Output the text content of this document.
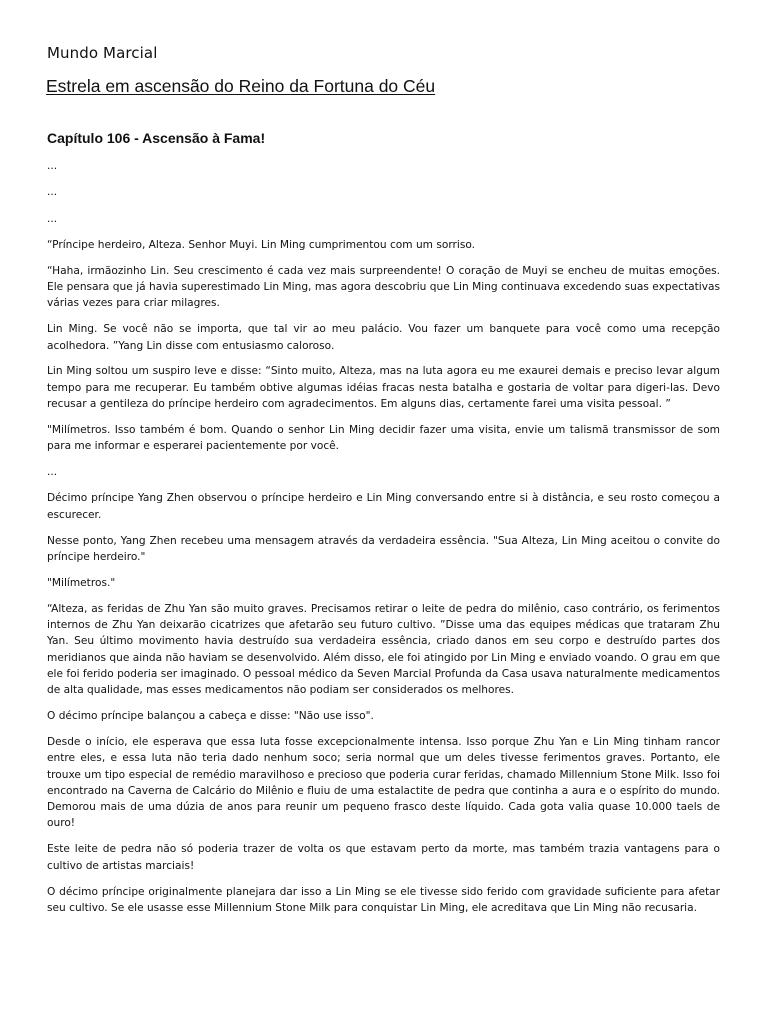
Mundo Marcial
Estrela em ascensão do Reino da Fortuna do Céu
Capítulo 106 - Ascensão à Fama!

...

...

...

“Príncipe herdeiro, Alteza. Senhor Muyi. Lin Ming cumprimentou com um sorriso.

“Haha, irmãozinho Lin. Seu crescimento é cada vez mais surpreendente! O coração de Muyi se encheu de muitas emoções. Ele pensara que já havia superestimado Lin Ming, mas agora descobriu que Lin Ming continuava excedendo suas expectativas várias vezes para criar milagres.

Lin Ming. Se você não se importa, que tal vir ao meu palácio. Vou fazer um banquete para você como uma recepção acolhedora. ”Yang Lin disse com entusiasmo caloroso.

Lin Ming soltou um suspiro leve e disse: “Sinto muito, Alteza, mas na luta agora eu me exaurei demais e preciso levar algum tempo para me recuperar. Eu também obtive algumas idéias fracas nesta batalha e gostaria de voltar para digeri-las. Devo recusar a gentileza do príncipe herdeiro com agradecimentos. Em alguns dias, certamente farei uma visita pessoal. ”

"Milímetros. Isso também é bom. Quando o senhor Lin Ming decidir fazer uma visita, envie um talismã transmissor de som para me informar e esperarei pacientemente por você.

...

Décimo príncipe Yang Zhen observou o príncipe herdeiro e Lin Ming conversando entre si à distância, e seu rosto começou a escurecer.

Nesse ponto, Yang Zhen recebeu uma mensagem através da verdadeira essência. "Sua Alteza, Lin Ming aceitou o convite do príncipe herdeiro."

"Milímetros."

“Alteza, as feridas de Zhu Yan são muito graves. Precisamos retirar o leite de pedra do milênio, caso contrário, os ferimentos internos de Zhu Yan deixarão cicatrizes que afetarão seu futuro cultivo. ”Disse uma das equipes médicas que trataram Zhu Yan. Seu último movimento havia destruído sua verdadeira essência, criado danos em seu corpo e destruído partes dos meridianos que ainda não haviam se desenvolvido. Além disso, ele foi atingido por Lin Ming e enviado voando. O grau em que ele foi ferido poderia ser imaginado. O pessoal médico da Seven Marcial Profunda da Casa usava naturalmente medicamentos de alta qualidade, mas esses medicamentos não podiam ser considerados os melhores.

O décimo príncipe balançou a cabeça e disse: "Não use isso".

Desde o início, ele esperava que essa luta fosse excepcionalmente intensa. Isso porque Zhu Yan e Lin Ming tinham rancor entre eles, e essa luta não teria dado nenhum soco; seria normal que um deles tivesse ferimentos graves. Portanto, ele trouxe um tipo especial de remédio maravilhoso e precioso que poderia curar feridas, chamado Millennium Stone Milk. Isso foi encontrado na Caverna de Calcário do Milênio e fluiu de uma estalactite de pedra que continha a aura e o espírito do mundo. Demorou mais de uma dúzia de anos para reunir um pequeno frasco deste líquido. Cada gota valia quase 10.000 taels de ouro!

Este leite de pedra não só poderia trazer de volta os que estavam perto da morte, mas também trazia vantagens para o cultivo de artistas marciais!

O décimo príncipe originalmente planejara dar isso a Lin Ming se ele tivesse sido ferido com gravidade suficiente para afetar seu cultivo. Se ele usasse esse Millennium Stone Milk para conquistar Lin Ming, ele acreditava que Lin Ming não recusaria.
